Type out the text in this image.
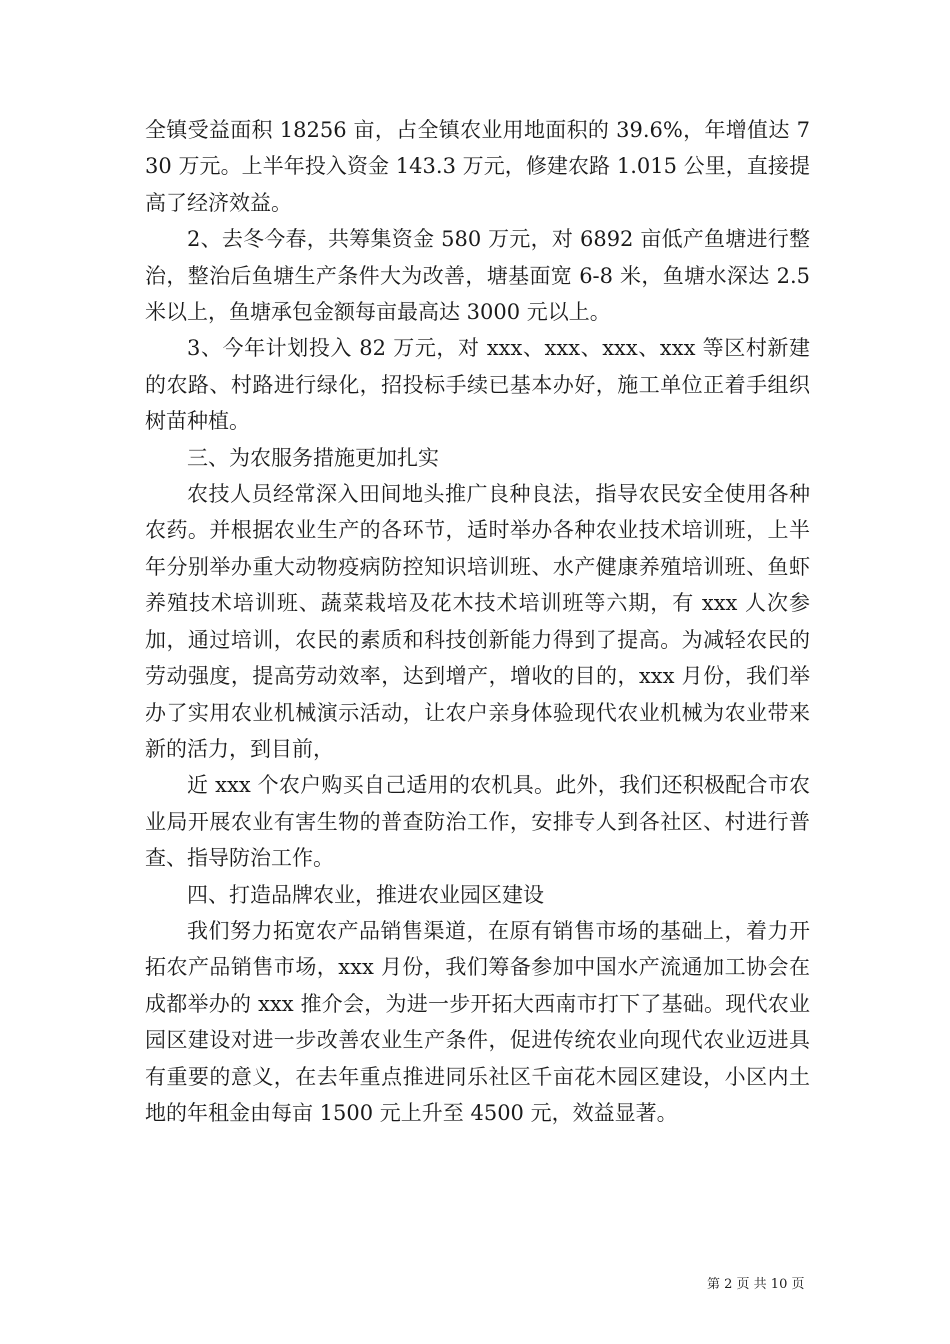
全镇受益面积 18256 亩，占全镇农业用地面积的 39.6%，年增值达 730 万元。上半年投入资金 143.3 万元，修建农路 1.015 公里，直接提高了经济效益。

2、去冬今春，共筹集资金 580 万元，对 6892 亩低产鱼塘进行整治，整治后鱼塘生产条件大为改善，塘基面宽 6-8 米，鱼塘水深达 2.5 米以上，鱼塘承包金额每亩最高达 3000 元以上。

3、今年计划投入 82 万元，对 xxx、xxx、xxx、xxx 等区村新建的农路、村路进行绿化，招投标手续已基本办好，施工单位正着手组织树苗种植。

三、为农服务措施更加扎实

农技人员经常深入田间地头推广良种良法，指导农民安全使用各种农药。并根据农业生产的各环节，适时举办各种农业技术培训班，上半年分别举办重大动物疫病防控知识培训班、水产健康养殖培训班、鱼虾养殖技术培训班、蔬菜栽培及花木技术培训班等六期，有 xxx 人次参加，通过培训，农民的素质和科技创新能力得到了提高。为减轻农民的劳动强度，提高劳动效率，达到增产，增收的目的，xxx 月份，我们举办了实用农业机械演示活动，让农户亲身体验现代农业机械为农业带来新的活力，到目前，

近 xxx 个农户购买自己适用的农机具。此外，我们还积极配合市农业局开展农业有害生物的普查防治工作，安排专人到各社区、村进行普查、指导防治工作。

四、打造品牌农业，推进农业园区建设

我们努力拓宽农产品销售渠道，在原有销售市场的基础上，着力开拓农产品销售市场，xxx 月份，我们筹备参加中国水产流通加工协会在成都举办的 xxx 推介会，为进一步开拓大西南市打下了基础。现代农业园区建设对进一步改善农业生产条件，促进传统农业向现代农业迈进具有重要的意义，在去年重点推进同乐社区千亩花木园区建设，小区内土地的年租金由每亩 1500 元上升至 4500 元，效益显著。

第 2 页 共 10 页
